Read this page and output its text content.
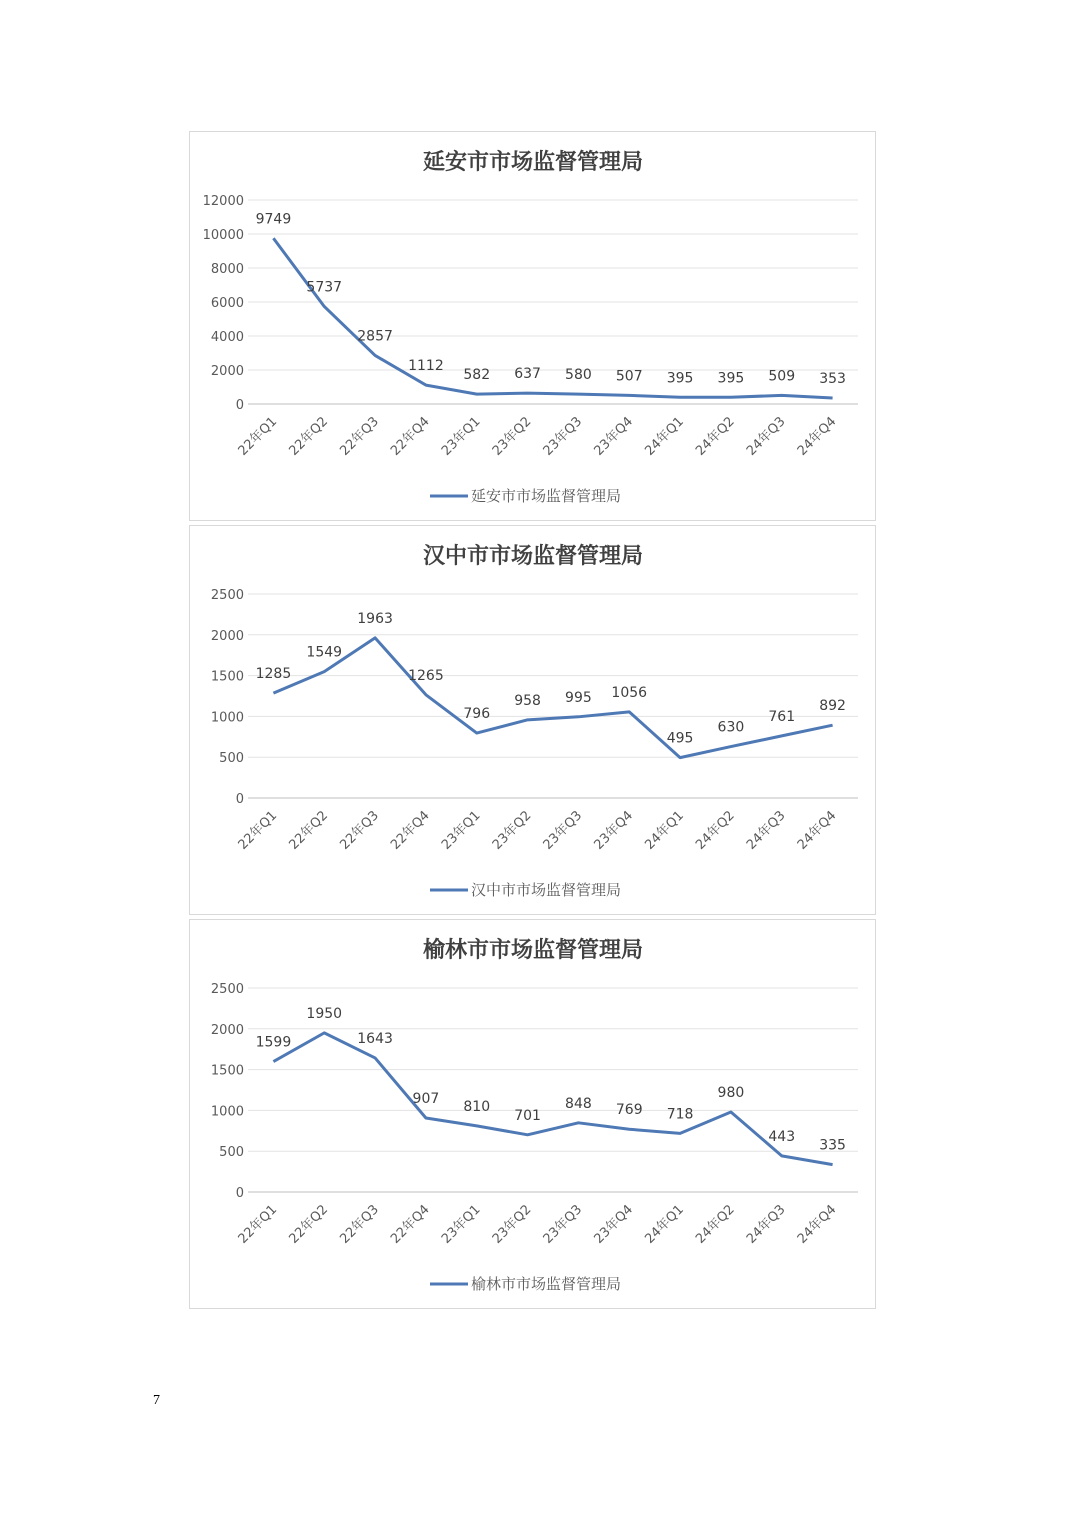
延安市市场监督管理局
0
2000
4000
6000
8000
10000
12000
22年Q1 22年Q2 22年Q3 22年Q4 23年Q1 23年Q2 23年Q3 23年Q4 24年Q1 24年Q2 24年Q3 24年Q4
9749
5737
2857
1112
582 637 580 507 395 395 509 353
延安市市场监督管理局
汉中市市场监督管理局
0
500
1000
1500
2000
2500
22年Q1 22年Q2 22年Q3 22年Q4 23年Q1 23年Q2 23年Q3 23年Q4 24年Q1 24年Q2 24年Q3 24年Q4
1285
1549
1963
1265
796
958 995 1056
495
630
761
892
汉中市市场监督管理局
榆林市市场监督管理局
0
500
1000
1500
2000
2500
22年Q1 22年Q2 22年Q3 22年Q4 23年Q1 23年Q2 23年Q3 23年Q4 24年Q1 24年Q2 24年Q3 24年Q4
1599
1950
1643
907 810
701
848 769 718
980
443
335
榆林市市场监督管理局
7
